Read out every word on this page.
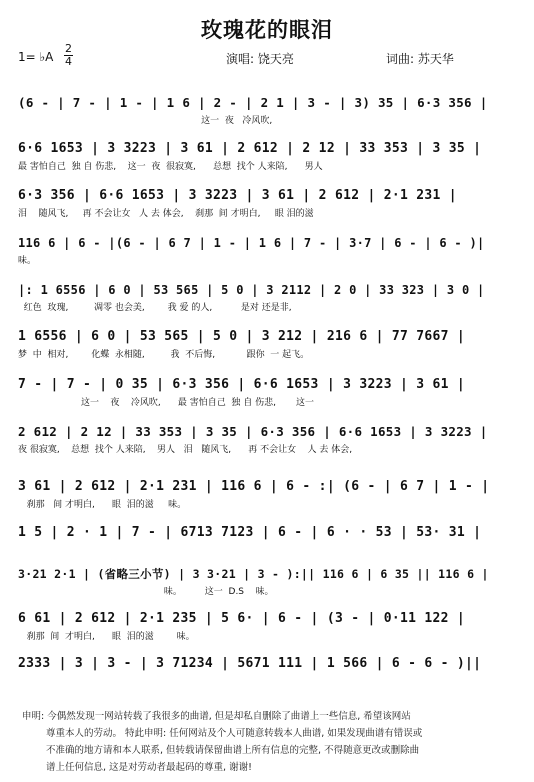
玫瑰花的眼泪
1= ♭A
2
4	演唱: 饶天亮	词曲: 苏天华
(6 - | 7 - | 1 - | 1 6 | 2 - | 2 1 | 3 - | 3) 35 | 6·3 356 |
这一  夜   冷风吹,
6·6 1653 | 3 3223 | 3 61 | 2 612 | 2 12 | 33 353 | 3 35 |
最 害怕自己  独 自 伤悲,    这一  夜  很寂寞,      总想  找个 人来陪,      男人
6·3 356 | 6·6 1653 | 3 3223 | 3 61 | 2 612 | 2·1 231 |
泪    随风飞,     再 不会让女   人 去 体会,    刹那  间 才明白,     眼 泪的滋
116 6 | 6 - |(6 - | 6 7 | 1 - | 1 6 | 7 - | 3·7 | 6 - | 6 - )|
味。
|: 1 6556 | 6 0 | 53 565 | 5 0 | 3 2112 | 2 0 | 33 323 | 3 0 |
红色  玫瑰,         凋零 也会美,        我 爱 的人,          是对 还是非,
1 6556 | 6 0 | 53 565 | 5 0 | 3 212 | 216 6 | 77 7667 |
梦  中  相对,        化蝶  永相随,         我  不后悔,           跟你  一 起飞。
7 - | 7 - | 0 35 | 6·3 356 | 6·6 1653 | 3 3223 | 3 61 |
这一    夜    冷风吹,      最 害怕自己  独 自 伤悲,       这一
2 612 | 2 12 | 33 353 | 3 35 | 6·3 356 | 6·6 1653 | 3 3223 |
夜 很寂寞,    总想  找个 人来陪,    男人   泪   随风飞,      再 不会让女    人 去 体会,
3 61 | 2 612 | 2·1 231 | 116 6 | 6 - :| (6 - | 6 7 | 1 - |
刹那   间 才明白,      眼  泪的滋     味。
1 5 | 2 · 1 | 7 - | 6713 7123 | 6 - | 6 · · 53 | 53· 31 |
3·21 2·1 | (省略三小节) | 3 3·21 | 3 - ):|| 116 6 | 6 35 || 116 6 |
味。        这一  D.S    味。
6 61 | 2 612 | 2·1 235 | 5 6· | 6 - | (3 - | 0·11 122 |
刹那  间  才明白,      眼  泪的滋        味。
2333 | 3 | 3 - | 3 71234 | 5671 111 | 1 566 | 6 - 6 - )||
申明: 今偶然发现一网站转载了我很多的曲谱, 但是却私自删除了曲谱上一些信息, 希望该网站
尊重本人的劳动。 特此申明: 任何网站及个人可随意转载本人曲谱, 如果发现曲谱有错误或
不准确的地方请和本人联系, 但转载请保留曲谱上所有信息的完整, 不得随意更改或删除曲
谱上任何信息, 这是对劳动者最起码的尊重, 谢谢!
